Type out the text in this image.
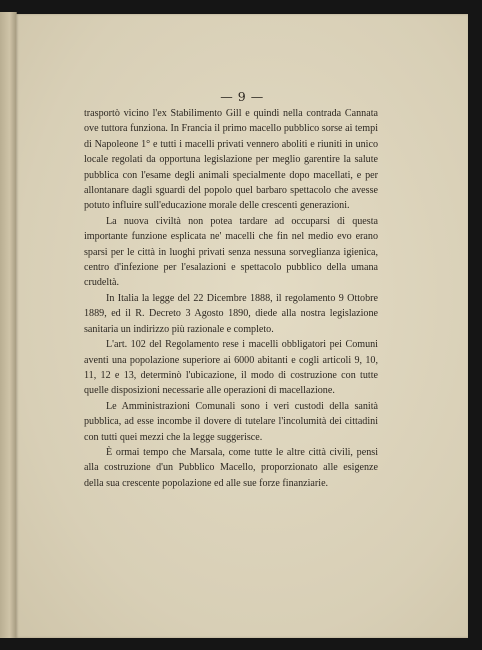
— 9 —

trasportò vicino l'ex Stabilimento Gill e quindi nella contrada Cannata ove tuttora funziona. In Francia il primo macello pubblico sorse ai tempi di Napoleone 1° e tutti i macelli privati vennero aboliti e riuniti in unico locale regolati da opportuna legislazione per meglio garentire la salute pubblica con l'esame degli animali specialmente dopo macellati, e per allontanare dagli sguardi del popolo quel barbaro spettacolo che avesse potuto influire sull'educazione morale delle crescenti generazioni.

La nuova civiltà non potea tardare ad occuparsi di questa importante funzione esplicata ne' macelli che fin nel medio evo erano sparsi per le città in luoghi privati senza nessuna sorveglianza igienica, centro d'infezione per l'esalazioni e spettacolo pubblico della umana crudeltà.

In Italia la legge del 22 Dicembre 1888, il regolamento 9 Ottobre 1889, ed il R. Decreto 3 Agosto 1890, diede alla nostra legislazione sanitaria un indirizzo più razionale e completo.

L'art. 102 del Regolamento rese i macelli obbligatori pei Comuni aventi una popolazione superiore ai 6000 abitanti e cogli articoli 9, 10, 11, 12 e 13, determinò l'ubicazione, il modo di costruzione con tutte quelle disposizioni necessarie alle operazioni di macellazione.

Le Amministrazioni Comunali sono i veri custodi della sanità pubblica, ad esse incombe il dovere di tutelare l'incolumità dei cittadini con tutti quei mezzi che la legge suggerisce.

È ormai tempo che Marsala, come tutte le altre città civili, pensi alla costruzione d'un Pubblico Macello, proporzionato alle esigenze della sua crescente popolazione ed alle sue forze finanziarie.
